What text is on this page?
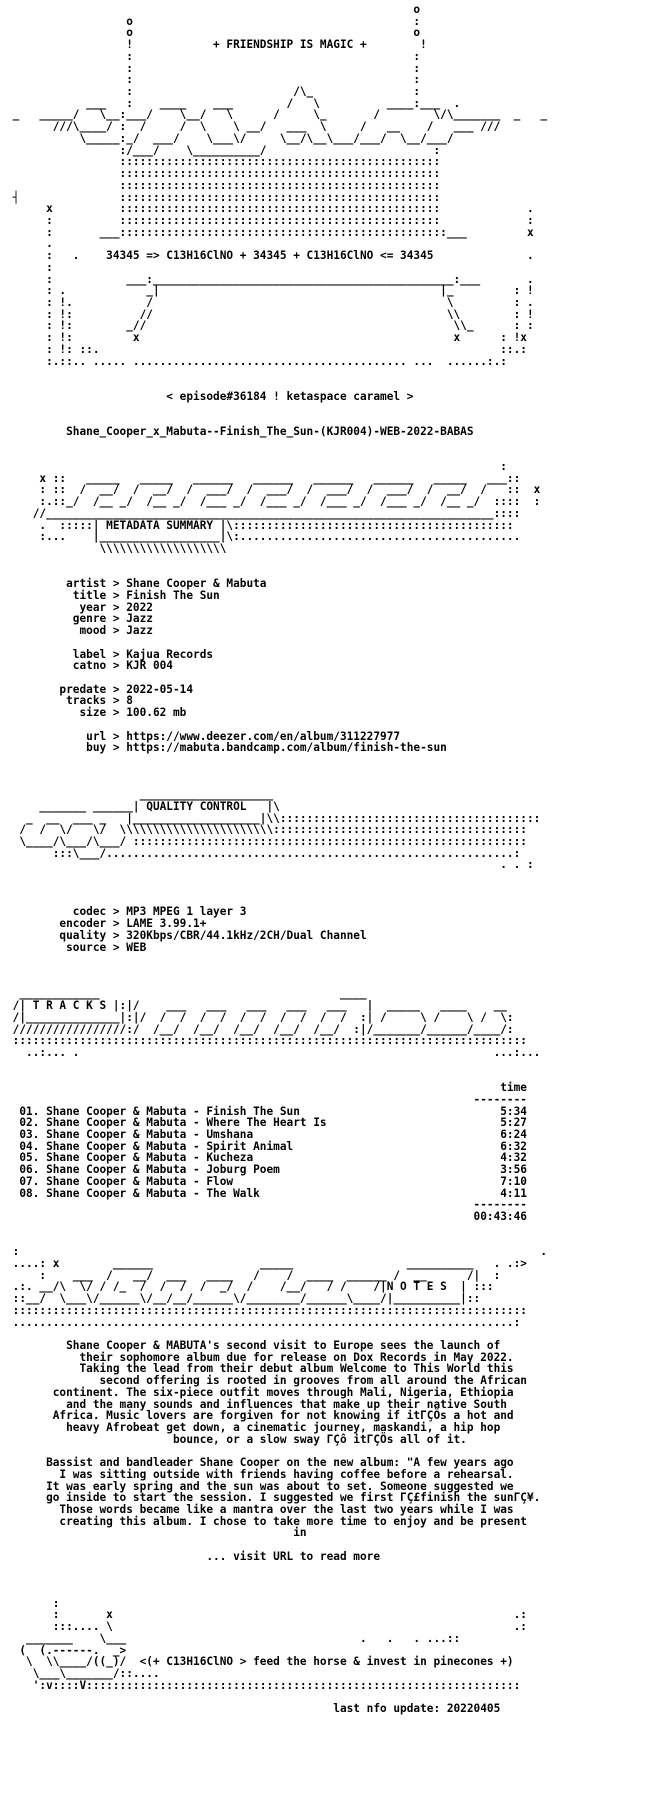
o
o                                          :
o                                          o
!            + FRIENDSHIP IS MAGIC +        !
:                                          :
:                                          :
:                                          :
:                        /\_               :
___   :    ____    ___        /   \          ____:___  .
_   _____/   \__:___/    \__/   \      /     \_       /        \/\_______  _   _
///\____/ :  /     /  \    \ __/   ___  \     /   __    /   ___ ///
\_____:_/  ___/    \___\/     \__/\__\___/___/  \__/___/
:/___/    \__________/                         :
::::::::::::::::::::::::::::::::::::::::::::::::
::::::::::::::::::::::::::::::::::::::::::::::::
::::::::::::::::::::::::::::::::::::::::::::::::
┤               ::::::::::::::::::::::::::::::::::::::::::::::::
x          ::::::::::::::::::::::::::::::::::::::::::::::::             .
:          ::::::::::::::::::::::::::::::::::::::::::::::::             :
:       ___:::::::::::::::::::::::::::::::::::::::::::::::::___         x
.
:   .    34345 => C13H16ClNO + 34345 + C13H16ClNO <= 34345              .
:
:           ___:_____________________________________________:___       .
: .            _|                                          |_         : !
: !.           /                                            \         : .
: !:          //                                            \\        : !
: !:        _//                                              \\_      : :
: !:         x                                               x      : !x
: !: ::.                                                            ::.:
:.::.. ..... ......................................... ...  ......:.:

< episode#36184 ! ketaspace caramel >

Shane_Cooper_x_Mabuta--Finish_The_Sun-(KJR004)-WEB-2022-BABAS

:
x ::   _____   _____   ______   ______   ______   ______   _____   ___::
: ::  /  __/  /  __/  /  ___/  /  ___/  /  ___/  /  ___/  /  __/  /   ::  x
:.::_/  /__ _/  /__ _/  /___ _/  /___ _/  /___ _/  /___ _/  /__ _/  ::::  :
//___________________________________________________________________::::
.  :::::| METADATA SUMMARY |\::::::::::::::::::::::::::::::::::::::::::
:...    |__________________|\:..........................................
\\\\\\\\\\\\\\\\\\\

artist > Shane Cooper & Mabuta
title > Finish The Sun
year > 2022
genre > Jazz
mood > Jazz

label > Kajua Records
catno > KJR 004

predate > 2022-05-14
tracks > 8
size > 100.62 mb

url > https://www.deezer.com/en/album/311227977
buy > https://mabuta.bandcamp.com/album/finish-the-sun

____________________
_______ ______| QUALITY CONTROL   |\
_  __  ___ _   |___________________|\\:::::::::::::::::::::::::::::::::::::::
/  /  \/   \/  \\\\\\\\\\\\\\\\\\\\\\\::::::::::::::::::::::::::::::::::::::
\____/\___/\___/ :::::::::::::::::::::::::::::::::::::::::::::::::::::::::::
:::\___/.............................................................:
. . :

codec > MP3 MPEG 1 layer 3
encoder > LAME 3.99.1+
quality > 320Kbps/CBR/44.1kHz/2CH/Dual Channel
source > WEB

____________                                    ____
/| T R A C K S |:|/    ___   ___   ___   ___   ___   |  _____   ____    __
/|______________|:|/  /  /  /  /  /  /  /  /  /  /  :| /     \ /    \ /  \:
/////////////////:/  /__/  /__/  /__/  /__/  /__/  :|/_______/______/____/:
:::::::::::::::::::::::::::::::::::::::::::::::::::::::::::::::::::::::::::::
..:... .                                                              ...:...

time
--------
01. Shane Cooper & Mabuta - Finish The Sun                              5:34
02. Shane Cooper & Mabuta - Where The Heart Is                          5:27
03. Shane Cooper & Mabuta - Umshana                                     6:24
04. Shane Cooper & Mabuta - Spirit Animal                               6:32
05. Shane Cooper & Mabuta - Kucheza                                     4:32
06. Shane Cooper & Mabuta - Joburg Poem                                 3:56
07. Shane Cooper & Mabuta - Flow                                        7:10
08. Shane Cooper & Mabuta - The Walk                                    4:11
--------
00:43:46

:                                                                              .
....: x        ______                _____                 __________   . .:>
:    ___  /   __/  ___   ____   /    /  ____  ______ /  __      /|  :
.:. __/\  \/ / /_  /  /  /  /  _/  /    /__/   / /    /|N O T E S  | :::
::__/  \___\/______\/__/__/______\/________/______\____/|__________|::
:::::::::::::::::::::::::::::::::::::::::::::::::::::::::::::::::::::::::::::
...........................................................................:

Shane Cooper & MABUTA's second visit to Europe sees the launch of
their sophomore album due for release on Dox Records in May 2022.
Taking the lead from their debut album Welcome to This World this
second offering is rooted in grooves from all around the African
continent. The six-piece outfit moves through Mali, Nigeria, Ethiopia
and the many sounds and influences that make up their native South
Africa. Music lovers are forgiven for not knowing if itΓÇÖs a hot and
heavy Afrobeat get down, a cinematic journey, maskandi, a hip hop
bounce, or a slow sway ΓÇô itΓÇÖs all of it.

Bassist and bandleader Shane Cooper on the new album: "A few years ago
I was sitting outside with friends having coffee before a rehearsal.
It was early spring and the sun was about to set. Someone suggested we
go inside to start the session. I suggested we first ΓÇ£finish the sunΓÇ¥.
Those words became like a mantra over the last two years while I was
creating this album. I chose to take more time to enjoy and be present
in

... visit URL to read more

:
:       x                                                            .:
:::.... \                                                            .:
_______    \___                                   .   .   . ...::
(  (.------.  _>
\  \\____/((_)/  <(+ C13H16ClNO > feed the horse & invest in pinecones +)
\___\_______/::....
':v::::V:::::::::::::::::::::::::::::::::::::::::::::::::::::::::::::::::

last nfo update: 20220405
